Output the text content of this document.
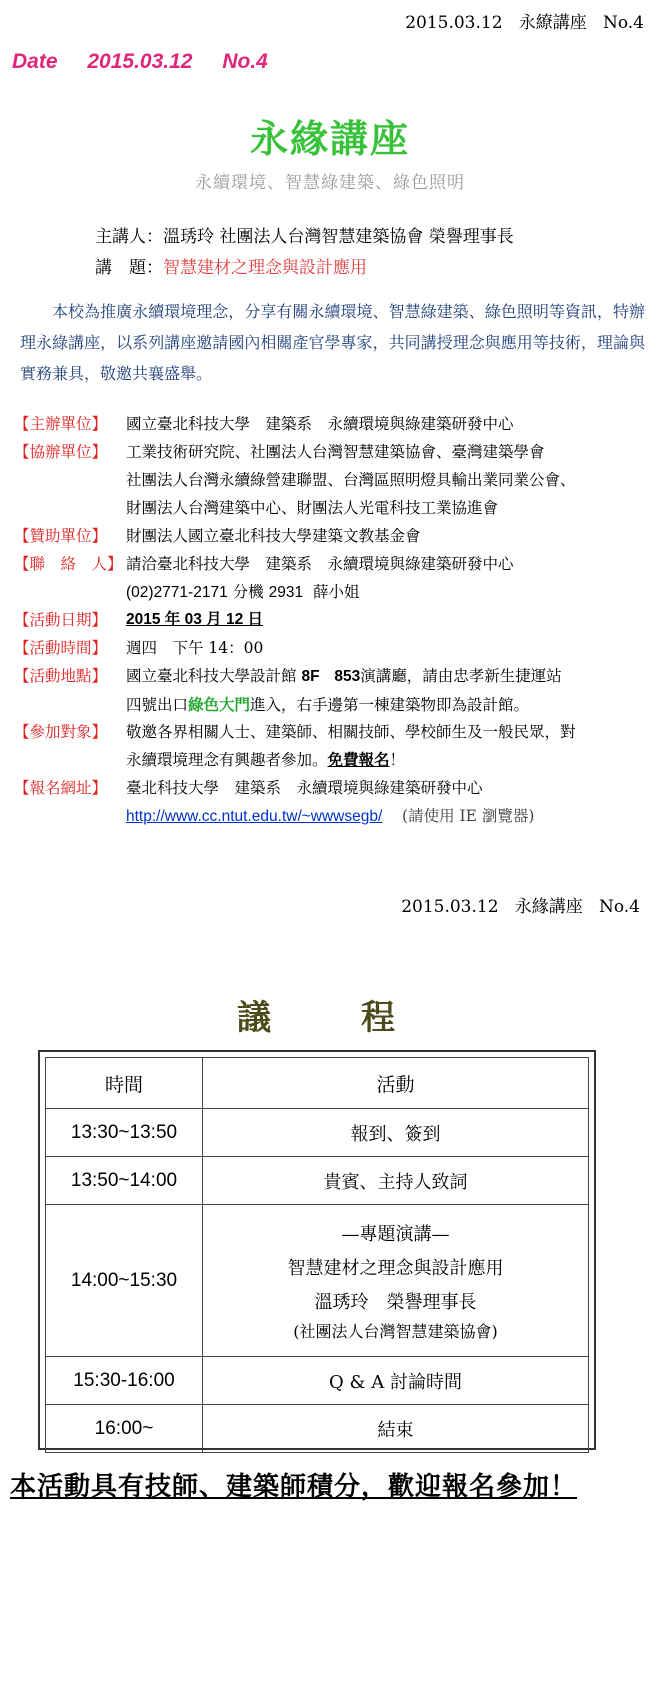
2015.03.12 永繚講座 No.4
Date 2015.03.12 No.4
永緣講座
永續環境、智慧綠建築、綠色照明
主講人：溫琇玲 社團法人台灣智慧建築協會 榮譽理事長
講　題：智慧建材之理念與設計應用
本校為推廣永續環境理念，分享有關永續環境、智慧綠建築、綠色照明等資訊，特辦理永綠講座，以系列講座邀請國內相關產官學專家，共同講授理念與應用等技術，理論與實務兼具，敬邀共襄盛舉。
【主辦單位】 國立臺北科技大學　建築系　永續環境與綠建築研發中心
【協辦單位】 工業技術研究院、社團法人台灣智慧建築協會、臺灣建築學會
社團法人台灣永續綠營建聯盟、台灣區照明燈具輸出業同業公會、
財團法人台灣建築中心、財團法人光電科技工業協進會
【贊助單位】 財團法人國立臺北科技大學建築文教基金會
【聯　絡　人】 請洽臺北科技大學　建築系　永續環境與綠建築研發中心
(02)2771-2171 分機 2931 薛小姐
【活動日期】 2015 年 03 月 12 日
【活動時間】 週四　下午 14：00
【活動地點】 國立臺北科技大學設計館 8F 853演講廳，請由忠孝新生捷運站
四號出口綠色大門進入，右手邊第一棟建築物即為設計館。
【參加對象】 敬邀各界相關人士、建築師、相關技師、學校師生及一般民眾，對
永續環境理念有興趣者參加。免費報名！
【報名網址】 臺北科技大學　建築系　永續環境與綠建築研發中心
http://www.cc.ntut.edu.tw/~wwwsegb/ (請使用 IE 瀏覽器)
2015.03.12 永緣講座 No.4
議　程
時間	活動
13:30~13:50	報到、簽到
13:50~14:00	貴賓、主持人致詞
14:00~15:30	—專題演講—
智慧建材之理念與設計應用
溫琇玲　榮譽理事長
(社團法人台灣智慧建築協會)

15:30-16:00	Q & A 討論時間
16:00~	結束
本活動具有技師、建築師積分，歡迎報名參加！
